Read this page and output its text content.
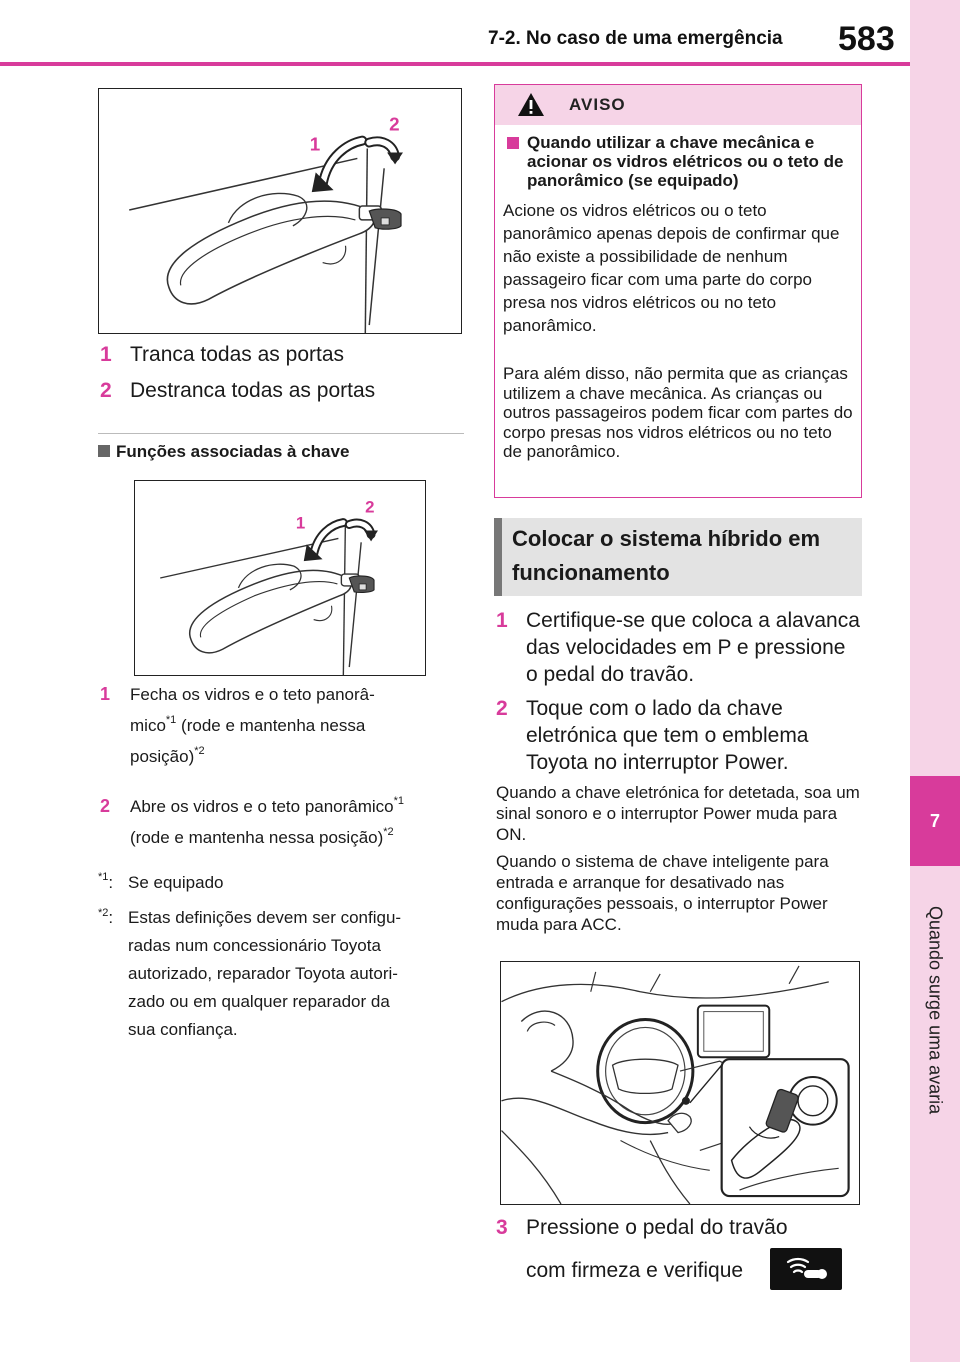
7-2. No caso de uma emergência 583
7
Quando surge uma avaria
1
2
1 Tranca todas as portas
2 Destranca todas as portas
Funções associadas à chave
1
2
1	Fecha os vidros e o teto panorâ-
mico$^{*1}$ (rode e mantenha nessa
posição)$^{*2}$
2	Abre os vidros e o teto panorâmico$^{*1}$
(rode e mantenha nessa posição)$^{*2}$
$^{*1}$: Se equipado
$^{*2}$: Estas definições devem ser configu-
radas num concessionário Toyota
autorizado, reparador Toyota autori-
zado ou em qualquer reparador da
sua confiança.
AVISO
Quando utilizar a chave mecânica e acionar os vidros elétricos ou o teto de panorâmico (se equipado)
Acione os vidros elétricos ou o teto panorâmico apenas depois de confirmar que não existe a possibilidade de nenhum passageiro ficar com uma parte do corpo presa nos vidros elétricos ou no teto panorâmico.
Para além disso, não permita que as crianças utilizem a chave mecânica. As crianças ou outros passageiros podem ficar com partes do corpo presas nos vidros elétricos ou no teto de panorâmico.
Colocar o sistema híbrido em funcionamento
1 Certifique-se que coloca a alavanca das velocidades em P e pressione o pedal do travão.
2 Toque com o lado da chave eletrónica que tem o emblema Toyota no interruptor Power.
Quando a chave eletrónica for detetada, soa um sinal sonoro e o interruptor Power muda para ON.
Quando o sistema de chave inteligente para entrada e arranque for desativado nas configurações pessoais, o interruptor Power muda para ACC.
3 Pressione o pedal do travão
com firmeza e verifique
